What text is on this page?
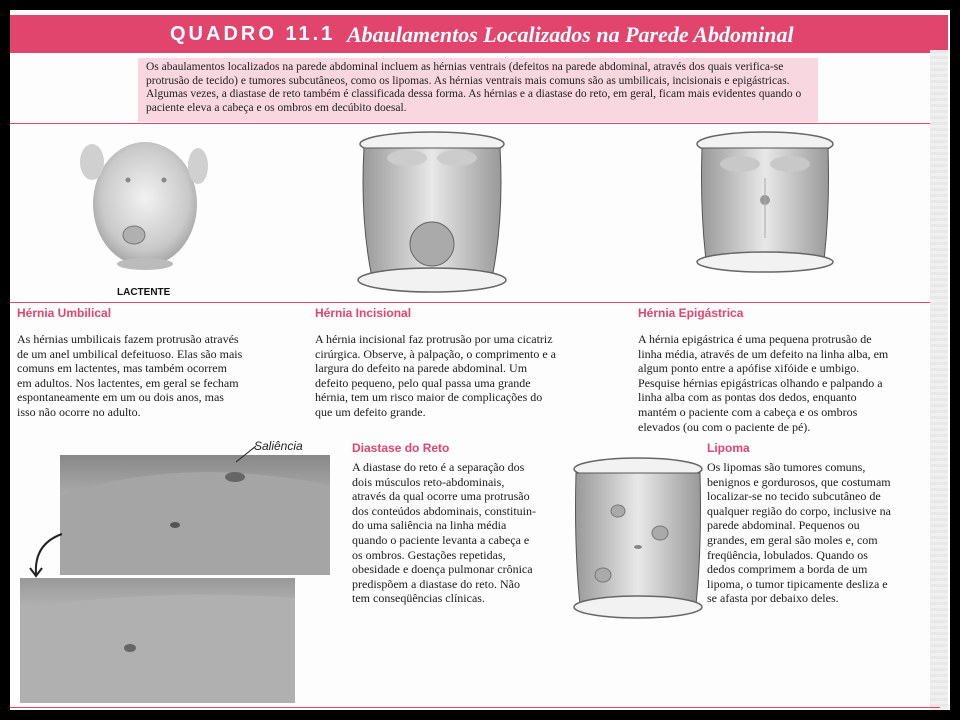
QUADRO 11.1 Abaulamentos Localizados na Parede Abdominal
Os abaulamentos localizados na parede abdominal incluem as hérnias ventrais (defeitos na parede abdominal, através dos quais verifica-se protrusão de tecido) e tumores subcutâneos, como os lipomas. As hérnias ventrais mais comuns são as umbilicais, incisionais e epigástricas. Algumas vezes, a diastase de reto também é classificada dessa forma. As hérnias e a diastase do reto, em geral, ficam mais evidentes quando o paciente eleva a cabeça e os ombros em decúbito doesal.
LACTENTE
Hérnia Umbilical
As hérnias umbilicais fazem protrusão através
de um anel umbilical defeituoso. Elas são mais
comuns em lactentes, mas também ocorrem
em adultos. Nos lactentes, em geral se fecham
espontaneamente em um ou dois anos, mas
isso não ocorre no adulto.
Hérnia Incisional
A hérnia incisional faz protrusão por uma cicatriz
cirúrgica. Observe, à palpação, o comprimento e a
largura do defeito na parede abdominal. Um
defeito pequeno, pelo qual passa uma grande
hérnia, tem um risco maior de complicações do
que um defeito grande.
Hérnia Epigástrica
A hérnia epigástrica é uma pequena protrusão de
linha média, através de um defeito na linha alba, em
algum ponto entre a apófise xifóide e umbigo.
Pesquise hérnias epigástricas olhando e palpando a
linha alba com as pontas dos dedos, enquanto
mantém o paciente com a cabeça e os ombros
elevados (ou com o paciente de pé).
Saliência	Diastase do Reto
A diastase do reto é a separação dos
dois músculos reto-abdominais,
através da qual ocorre uma protrusão
dos conteúdos abdominais, constituin-
do uma saliência na linha média
quando o paciente levanta a cabeça e
os ombros. Gestações repetidas,
obesidade e doença pulmonar crônica
predispõem a diastase do reto. Não
tem conseqüências clínicas.
Lipoma
Os lipomas são tumores comuns,
benignos e gordurosos, que costumam
localizar-se no tecido subcutâneo de
qualquer região do corpo, inclusive na
parede abdominal. Pequenos ou
grandes, em geral são moles e, com
freqüência, lobulados. Quando os
dedos comprimem a borda de um
lipoma, o tumor tipicamente desliza e
se afasta por debaixo deles.
